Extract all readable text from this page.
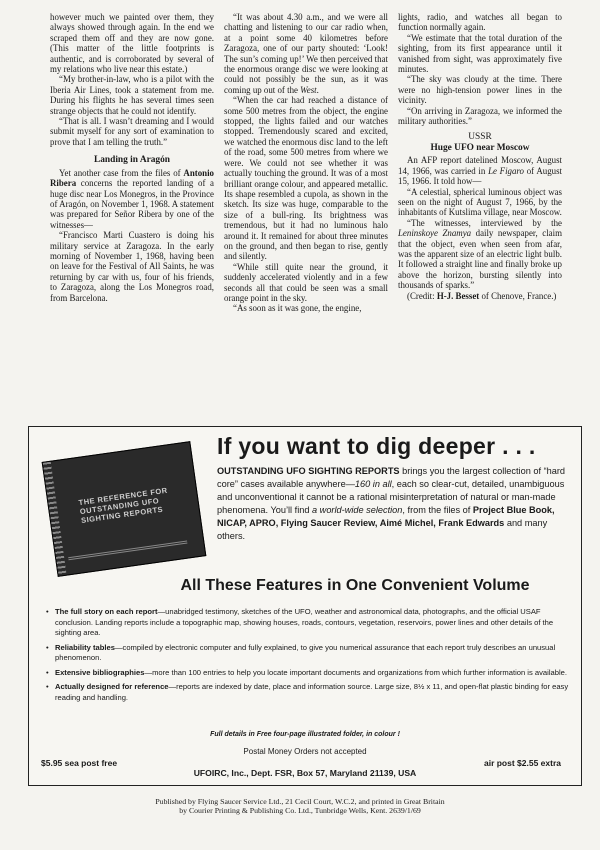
however much we painted over them, they always showed through again. In the end we scraped them off and they are now gone. (This matter of the little footprints is authentic, and is corroborated by several of my relations who live near this estate.)

“My brother-in-law, who is a pilot with the Iberia Air Lines, took a statement from me. During his flights he has several times seen strange objects that he could not identify.

“That is all. I wasn’t dreaming and I would submit myself for any sort of examination to prove that I am telling the truth.”

Landing in Aragón

Yet another case from the files of Antonio Ribera concerns the reported landing of a huge disc near Los Monegros, in the Province of Aragón, on November 1, 1968. A statement was prepared for Señor Ribera by one of the witnesses—

“Francisco Marti Cuastero is doing his military service at Zaragoza. In the early morning of November 1, 1968, having been on leave for the Festival of All Saints, he was returning by car with us, four of his friends, to Zaragoza, along the Los Monegros road, from Barcelona.

“It was about 4.30 a.m., and we were all chatting and listening to our car radio when, at a point some 40 kilometres before Zaragoza, one of our party shouted: ‘Look! The sun’s coming up!’ We then perceived that the enormous orange disc we were looking at could not possibly be the sun, as it was coming up out of the West.

“When the car had reached a distance of some 500 metres from the object, the engine stopped, the lights failed and our watches stopped. Tremendously scared and excited, we watched the enormous disc land to the left of the road, some 500 metres from where we were. We could not see whether it was actually touching the ground. It was of a most brilliant orange colour, and appeared metallic. Its shape resembled a cupola, as shown in the sketch. Its size was huge, comparable to the size of a bull-ring. Its brightness was tremendous, but it had no luminous halo around it. It remained for about three minutes on the ground, and then began to rise, gently and silently.

“While still quite near the ground, it suddenly accelerated violently and in a few seconds all that could be seen was a small orange point in the sky.

“As soon as it was gone, the engine,

lights, radio, and watches all began to function normally again.

“We estimate that the total duration of the sighting, from its first appearance until it vanished from sight, was approximately five minutes.

“The sky was cloudy at the time. There were no high-tension power lines in the vicinity.

“On arriving in Zaragoza, we informed the military authorities.”

USSR
Huge UFO near Moscow

An AFP report datelined Moscow, August 14, 1966, was carried in Le Figaro of August 15, 1966. It told how—

“A celestial, spherical luminous object was seen on the night of August 7, 1966, by the inhabitants of Kutslima village, near Moscow.

“The witnesses, interviewed by the Leninskoye Znamya daily newspaper, claim that the object, even when seen from afar, was the apparent size of an electric light bulb. It followed a straight line and finally broke up above the horizon, bursting silently into thousands of sparks.”

(Credit: H-J. Besset of Chenove, France.)

THE REFERENCE FOR OUTSTANDING UFO SIGHTING REPORTS
If you want to dig deeper . . .
OUTSTANDING UFO SIGHTING REPORTS brings you the largest collection of “hard core” cases available anywhere—160 in all, each so clear-cut, detailed, unambiguous and unconventional it cannot be a rational misinterpretation of natural or man-made phenomena. You’ll find a world-wide selection, from the files of Project Blue Book, NICAP, APRO, Flying Saucer Review, Aimé Michel, Frank Edwards and many others.
All These Features in One Convenient Volume
• The full story on each report—unabridged testimony, sketches of the UFO, weather and astronomical data, photographs, and the official USAF conclusion. Landing reports include a topographic map, showing houses, roads, contours, vegetation, reservoirs, power lines and other details of the sighting area.
• Reliability tables—compiled by electronic computer and fully explained, to give you numerical assurance that each report truly describes an unusual phenomenon.
• Extensive bibliographies—more than 100 entries to help you locate important documents and organizations from which further information is available.
• Actually designed for reference—reports are indexed by date, place and information source. Large size, 8½ x 11, and open-flat plastic binding for easy reading and handling.
Full details in Free four-page illustrated folder, in colour !
Postal Money Orders not accepted
$5.95 sea post free	air post $2.55 extra
UFOIRC, Inc., Dept. FSR, Box 57, Maryland 21139, USA
Published by Flying Saucer Service Ltd., 21 Cecil Court, W.C.2, and printed in Great Britain
by Courier Printing & Publishing Co. Ltd., Tunbridge Wells, Kent. 2639/1/69
